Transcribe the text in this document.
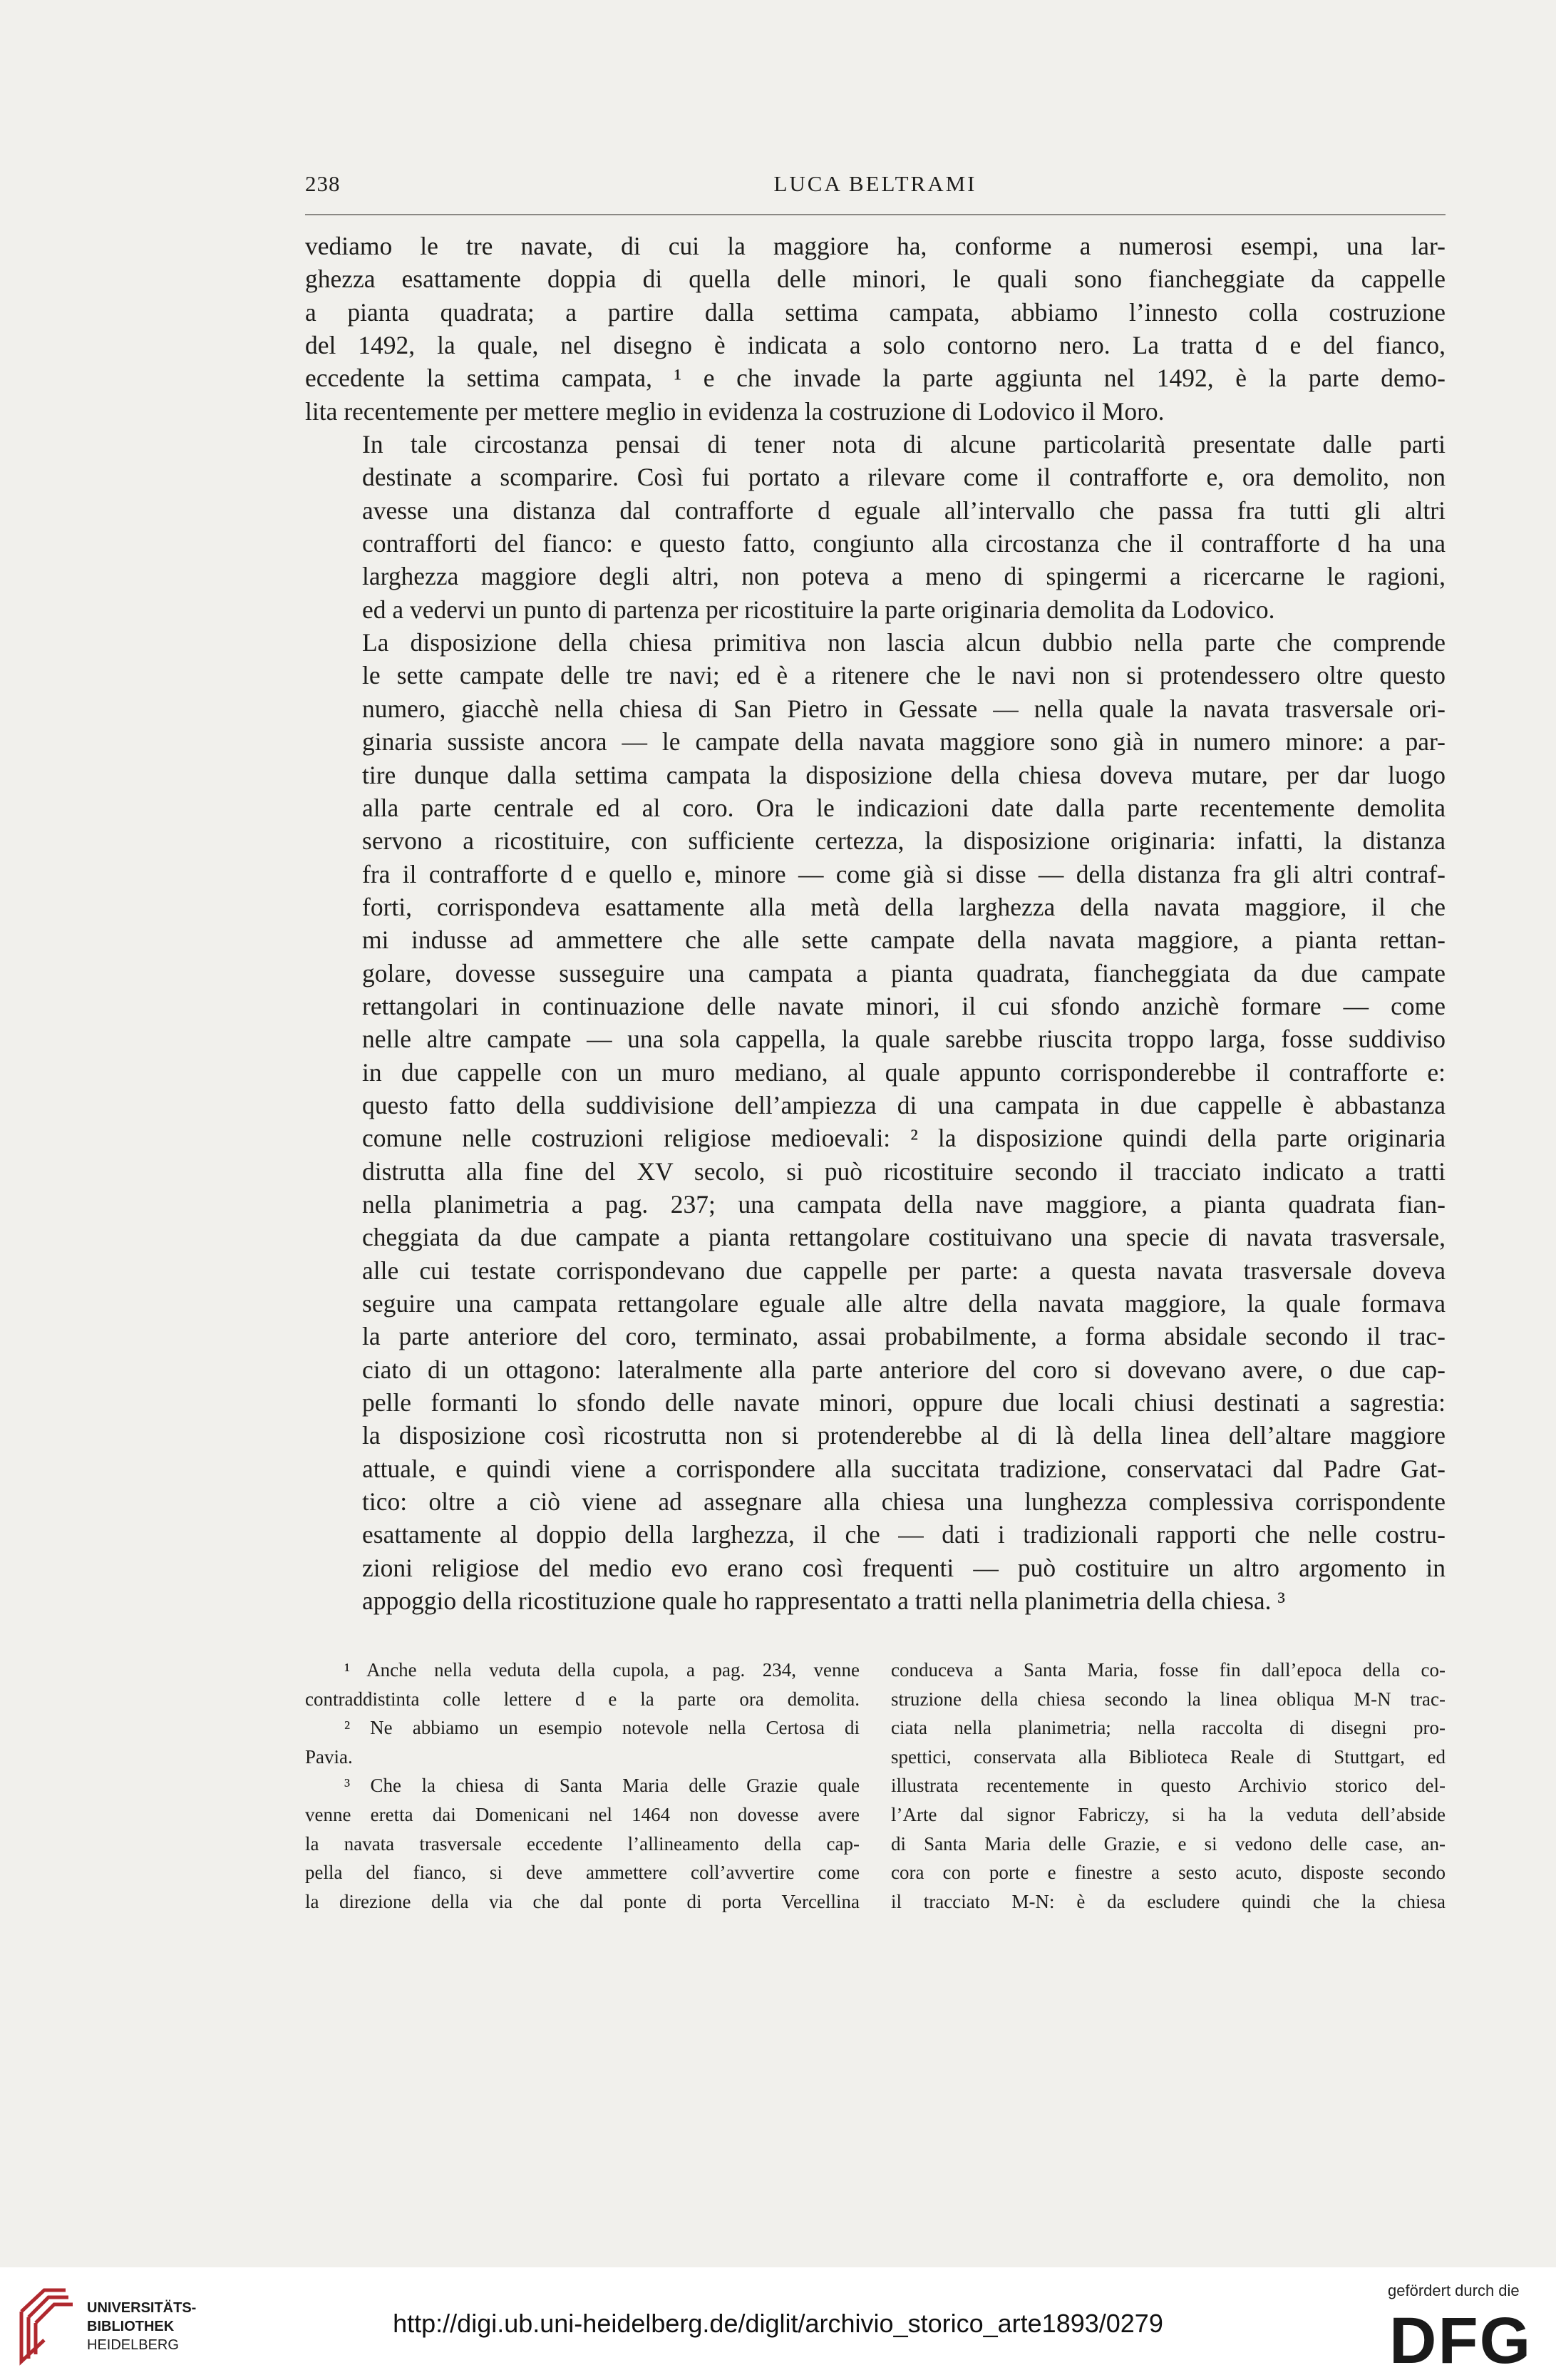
238	LUCA BELTRAMI

vediamo le tre navate, di cui la maggiore ha, conforme a numerosi esempi, una lar-
ghezza esattamente doppia di quella delle minori, le quali sono fiancheggiate da cappelle
a pianta quadrata; a partire dalla settima campata, abbiamo l’innesto colla costruzione
del 1492, la quale, nel disegno è indicata a solo contorno nero. La tratta d e del fianco,
eccedente la settima campata, ¹ e che invade la parte aggiunta nel 1492, è la parte demo-
lita recentemente per mettere meglio in evidenza la costruzione di Lodovico il Moro.

In tale circostanza pensai di tener nota di alcune particolarità presentate dalle parti
destinate a scomparire. Così fui portato a rilevare come il contrafforte e, ora demolito, non
avesse una distanza dal contrafforte d eguale all’intervallo che passa fra tutti gli altri
contrafforti del fianco: e questo fatto, congiunto alla circostanza che il contrafforte d ha una
larghezza maggiore degli altri, non poteva a meno di spingermi a ricercarne le ragioni,
ed a vedervi un punto di partenza per ricostituire la parte originaria demolita da Lodovico.

La disposizione della chiesa primitiva non lascia alcun dubbio nella parte che comprende
le sette campate delle tre navi; ed è a ritenere che le navi non si protendessero oltre questo
numero, giacchè nella chiesa di San Pietro in Gessate — nella quale la navata trasversale ori-
ginaria sussiste ancora — le campate della navata maggiore sono già in numero minore: a par-
tire dunque dalla settima campata la disposizione della chiesa doveva mutare, per dar luogo
alla parte centrale ed al coro. Ora le indicazioni date dalla parte recentemente demolita
servono a ricostituire, con sufficiente certezza, la disposizione originaria: infatti, la distanza
fra il contrafforte d e quello e, minore — come già si disse — della distanza fra gli altri contraf-
forti, corrispondeva esattamente alla metà della larghezza della navata maggiore, il che
mi indusse ad ammettere che alle sette campate della navata maggiore, a pianta rettan-
golare, dovesse susseguire una campata a pianta quadrata, fiancheggiata da due campate
rettangolari in continuazione delle navate minori, il cui sfondo anzichè formare — come
nelle altre campate — una sola cappella, la quale sarebbe riuscita troppo larga, fosse suddiviso
in due cappelle con un muro mediano, al quale appunto corrisponderebbe il contrafforte e:
questo fatto della suddivisione dell’ampiezza di una campata in due cappelle è abbastanza
comune nelle costruzioni religiose medioevali: ² la disposizione quindi della parte originaria
distrutta alla fine del XV secolo, si può ricostituire secondo il tracciato indicato a tratti
nella planimetria a pag. 237; una campata della nave maggiore, a pianta quadrata fian-
cheggiata da due campate a pianta rettangolare costituivano una specie di navata trasversale,
alle cui testate corrispondevano due cappelle per parte: a questa navata trasversale doveva
seguire una campata rettangolare eguale alle altre della navata maggiore, la quale formava
la parte anteriore del coro, terminato, assai probabilmente, a forma absidale secondo il trac-
ciato di un ottagono: lateralmente alla parte anteriore del coro si dovevano avere, o due cap-
pelle formanti lo sfondo delle navate minori, oppure due locali chiusi destinati a sagrestia:
la disposizione così ricostrutta non si protenderebbe al di là della linea dell’altare maggiore
attuale, e quindi viene a corrispondere alla succitata tradizione, conservataci dal Padre Gat-
tico: oltre a ciò viene ad assegnare alla chiesa una lunghezza complessiva corrispondente
esattamente al doppio della larghezza, il che — dati i tradizionali rapporti che nelle costru-
zioni religiose del medio evo erano così frequenti — può costituire un altro argomento in
appoggio della ricostituzione quale ho rappresentato a tratti nella planimetria della chiesa. ³

¹ Anche nella veduta della cupola, a pag. 234, venne
contraddistinta colle lettere d e la parte ora demolita.
² Ne abbiamo un esempio notevole nella Certosa di
Pavia.
³ Che la chiesa di Santa Maria delle Grazie quale
venne eretta dai Domenicani nel 1464 non dovesse avere
la navata trasversale eccedente l’allineamento della cap-
pella del fianco, si deve ammettere coll’avvertire come
la direzione della via che dal ponte di porta Vercellina
conduceva a Santa Maria, fosse fin dall’epoca della co-
struzione della chiesa secondo la linea obliqua M-N trac-
ciata nella planimetria; nella raccolta di disegni pro-
spettici, conservata alla Biblioteca Reale di Stuttgart, ed
illustrata recentemente in questo Archivio storico del-
l’Arte dal signor Fabriczy, si ha la veduta dell’abside
di Santa Maria delle Grazie, e si vedono delle case, an-
cora con porte e finestre a sesto acuto, disposte secondo
il tracciato M-N: è da escludere quindi che la chiesa
UNIVERSITÄTS-
BIBLIOTHEK
HEIDELBERG
http://digi.ub.uni-heidelberg.de/diglit/archivio_storico_arte1893/0279
gefördert durch die
DFG
